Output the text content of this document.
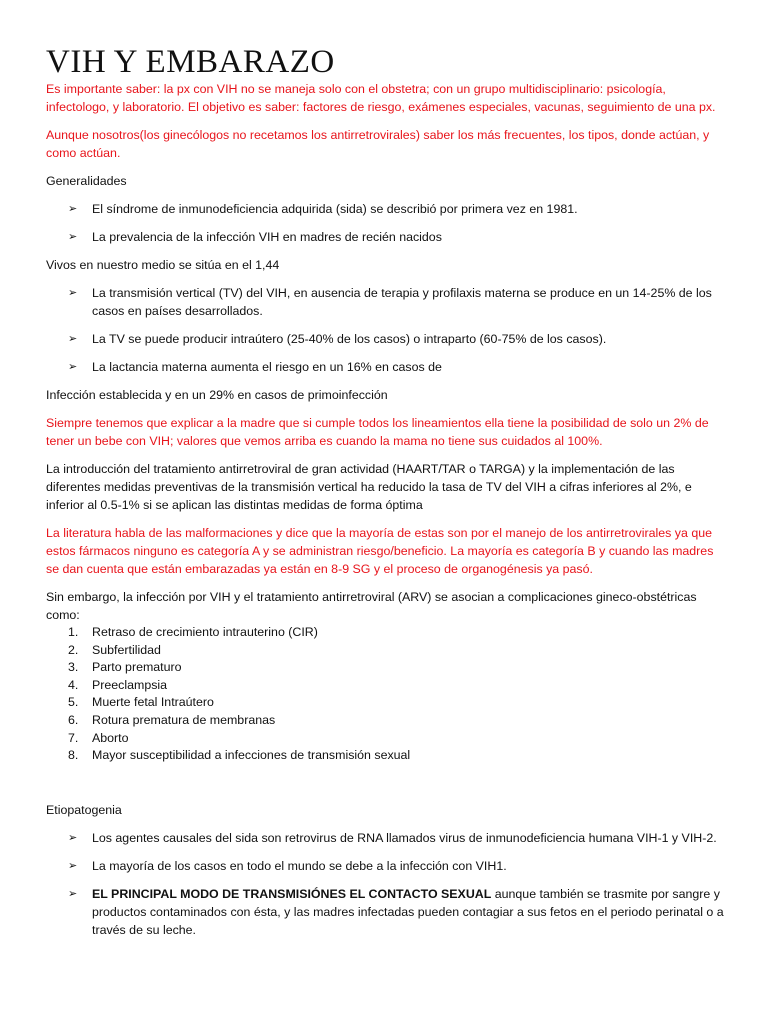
VIH Y EMBARAZO

Es importante saber: la px con VIH no se maneja solo con el obstetra; con un grupo multidisciplinario: psicología, infectologo, y laboratorio. El objetivo es saber: factores de riesgo, exámenes especiales, vacunas, seguimiento de una px.

Aunque nosotros(los ginecólogos no recetamos los antirretrovirales) saber los más frecuentes, los tipos, donde actúan, y como actúan.

Generalidades

➢ El síndrome de inmunodeficiencia adquirida (sida) se describió por primera vez en 1981.
➢ La prevalencia de la infección VIH en madres de recién nacidos

Vivos en nuestro medio se sitúa en el 1,44

➢ La transmisión vertical (TV) del VIH, en ausencia de terapia y profilaxis materna se produce en un 14-25% de los casos en países desarrollados.
➢ La TV se puede producir intraútero (25-40% de los casos) o intraparto (60-75% de los casos).
➢ La lactancia materna aumenta el riesgo en un 16% en casos de

Infección establecida y en un 29% en casos de primoinfección

Siempre tenemos que explicar a la madre que si cumple todos los lineamientos ella tiene la posibilidad de solo un 2% de tener un bebe con VIH; valores que vemos arriba es cuando la mama no tiene sus cuidados al 100%.

La introducción del tratamiento antirretroviral de gran actividad (HAART/TAR o TARGA) y la implementación de las diferentes medidas preventivas de la transmisión vertical ha reducido la tasa de TV del VIH a cifras inferiores al 2%, e inferior al 0.5-1% si se aplican las distintas medidas de forma óptima

La literatura habla de las malformaciones y dice que la mayoría de estas son por el manejo de los antirretrovirales ya que estos fármacos ninguno es categoría A y se administran riesgo/beneficio. La mayoría es categoría B y cuando las madres se dan cuenta que están embarazadas ya están en 8-9 SG y el proceso de organogénesis ya pasó.

Sin embargo, la infección por VIH y el tratamiento antirretroviral (ARV) se asocian a complicaciones gineco-obstétricas como:

1. Retraso de crecimiento intrauterino (CIR)
2. Subfertilidad
3. Parto prematuro
4. Preeclampsia
5. Muerte fetal Intraútero
6. Rotura prematura de membranas
7. Aborto
8. Mayor susceptibilidad a infecciones de transmisión sexual

Etiopatogenia

➢ Los agentes causales del sida son retrovirus de RNA llamados virus de inmunodeficiencia humana VIH-1 y VIH-2.
➢ La mayoría de los casos en todo el mundo se debe a la infección con VIH1.
➢ EL PRINCIPAL MODO DE TRANSMISIÓNES EL CONTACTO SEXUAL aunque también se trasmite por sangre y productos contaminados con ésta, y las madres infectadas pueden contagiar a sus fetos en el periodo perinatal o a través de su leche.
